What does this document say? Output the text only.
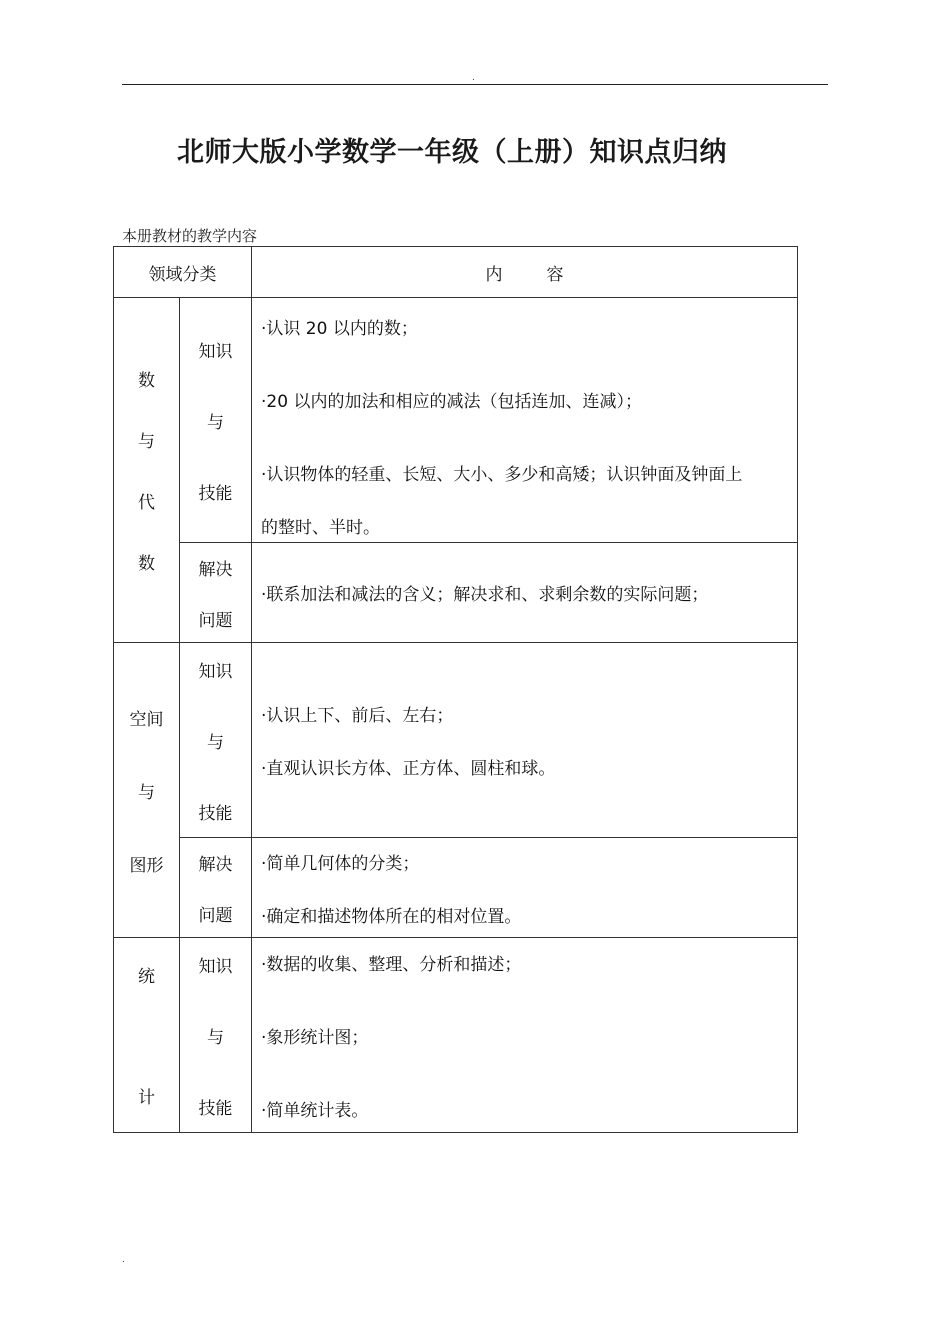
.
北师大版小学数学一年级（上册）知识点归纳
本册教材的教学内容
领域分类		内 容

数
与
代
数	知识
与
技能	·认识 20 以内的数；
·20 以内的加法和相应的减法（包括连加、连减）；
·认识物体的轻重、长短、大小、多少和高矮；认识钟面及钟面上
的整时、半时。

	解决
问题	·联系加法和减法的含义；解决求和、求剩余数的实际问题；

空间
与
图形	知识
与
技能	·认识上下、前后、左右；
·直观认识长方体、正方体、圆柱和球。

	解决
问题	·简单几何体的分类；
·确定和描述物体所在的相对位置。

统
计	知识
与
技能	·数据的收集、整理、分析和描述；
·象形统计图；
·简单统计表。
.
